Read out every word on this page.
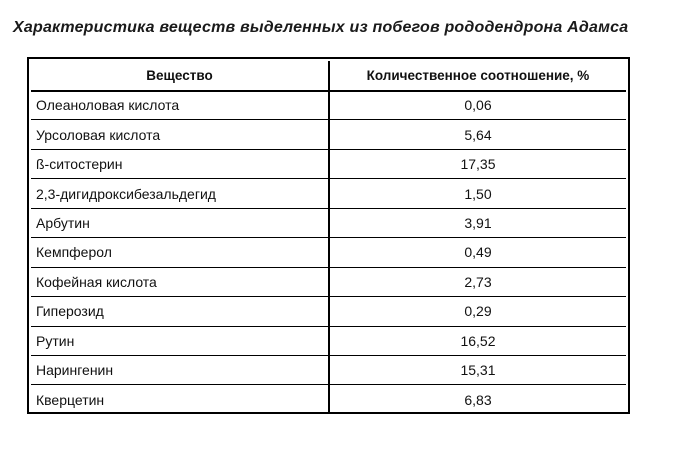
Характеристика веществ выделенных из побегов рододендрона Адамса
Вещество	Количественное соотношение, %
Олеаноловая кислота	0,06
Урсоловая кислота	5,64
ß-ситостерин	17,35
2,3-дигидроксибезальдегид	1,50
Арбутин	3,91
Кемпферол	0,49
Кофейная кислота	2,73
Гиперозид	0,29
Рутин	16,52
Нарингенин	15,31
Кверцетин	6,83
